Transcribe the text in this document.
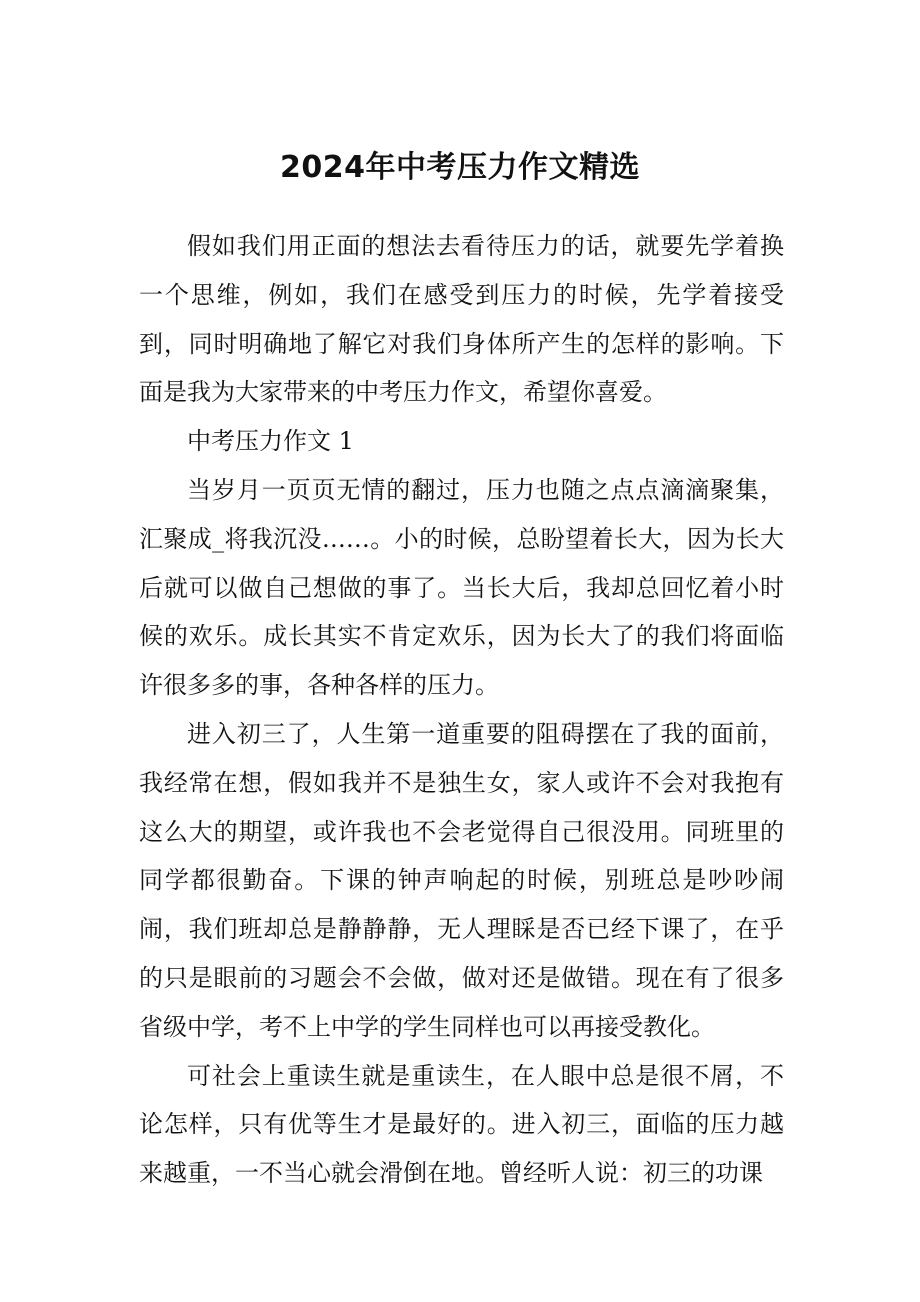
2024年中考压力作文精选

假如我们用正面的想法去看待压力的话，就要先学着换一个思维，例如，我们在感受到压力的时候，先学着接受到，同时明确地了解它对我们身体所产生的怎样的影响。下面是我为大家带来的中考压力作文，希望你喜爱。

中考压力作文 1

当岁月一页页无情的翻过，压力也随之点点滴滴聚集，汇聚成_将我沉没……。小的时候，总盼望着长大，因为长大后就可以做自己想做的事了。当长大后，我却总回忆着小时候的欢乐。成长其实不肯定欢乐，因为长大了的我们将面临许很多多的事，各种各样的压力。

进入初三了，人生第一道重要的阻碍摆在了我的面前，我经常在想，假如我并不是独生女，家人或许不会对我抱有这么大的期望，或许我也不会老觉得自己很没用。同班里的同学都很勤奋。下课的钟声响起的时候，别班总是吵吵闹闹，我们班却总是静静静，无人理睬是否已经下课了，在乎的只是眼前的习题会不会做，做对还是做错。现在有了很多省级中学，考不上中学的学生同样也可以再接受教化。

可社会上重读生就是重读生，在人眼中总是很不屑，不论怎样，只有优等生才是最好的。进入初三，面临的压力越来越重，一不当心就会滑倒在地。曾经听人说：初三的功课
